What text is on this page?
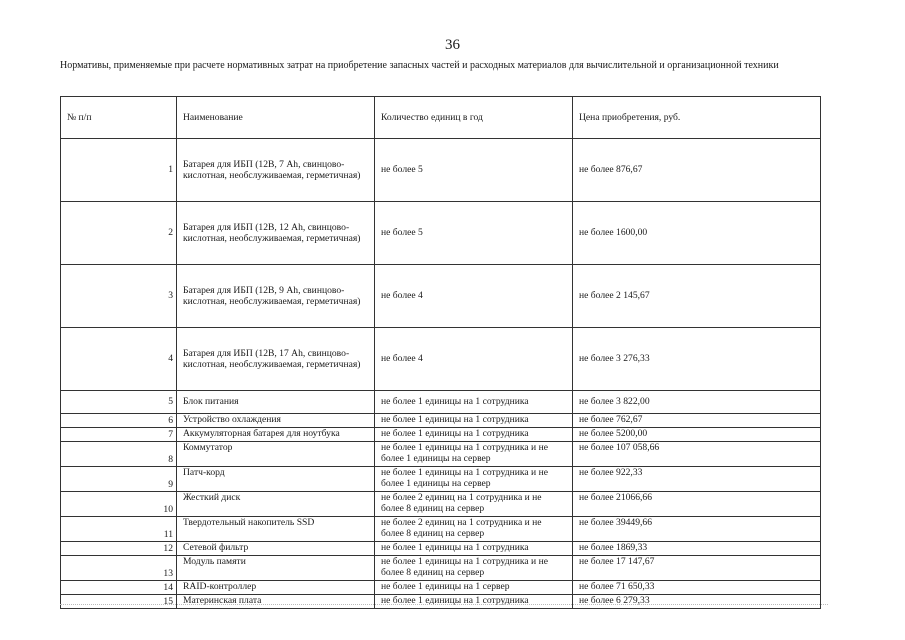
36
Нормативы, применяемые при расчете нормативных затрат на приобретение запасных частей и расходных материалов для вычислительной и организационной техники
№ п/п	Наименование	Количество единиц в год	Цена приобретения, руб.
1	Батарея для ИБП (12В, 7 Ah, свинцово-кислотная, необслуживаемая, герметичная)	не более 5	не более 876,67
2	Батарея для ИБП (12В, 12 Ah, свинцово-кислотная, необслуживаемая, герметичная)	не более 5	не более 1600,00
3	Батарея для ИБП (12В, 9 Ah, свинцово-кислотная, необслуживаемая, герметичная)	не более 4	не более 2 145,67
4	Батарея для ИБП (12В, 17 Ah, свинцово-кислотная, необслуживаемая, герметичная)	не более 4	не более 3 276,33
5	Блок питания	не более 1 единицы на 1 сотрудника	не более 3 822,00
6	Устройство охлаждения	не более 1 единицы на 1 сотрудника	не более 762,67
7	Аккумуляторная батарея для ноутбука	не более 1 единицы на 1 сотрудника	не более 5200,00
8	Коммутатор	не более 1 единицы на 1 сотрудника и не более 1 единицы на сервер	не более 107 058,66
9	Патч-корд	не более 1 единицы на 1 сотрудника и не более 1 единицы на сервер	не более 922,33
10	Жесткий диск	не более 2 единиц на 1 сотрудника и не более 8 единиц на сервер	не более 21066,66
11	Твердотельный накопитель SSD	не более 2 единиц на 1 сотрудника и не более 8 единиц на сервер	не более 39449,66
12	Сетевой фильтр	не более 1 единицы на 1 сотрудника	не более 1869,33
13	Модуль памяти	не более 1 единицы на 1 сотрудника и не более 8 единиц на сервер	не более 17 147,67
14	RAID-контроллер	не более 1 единицы на 1 сервер	не более 71 650,33
15	Материнская плата	не более 1 единицы на 1 сотрудника	не более 6 279,33
